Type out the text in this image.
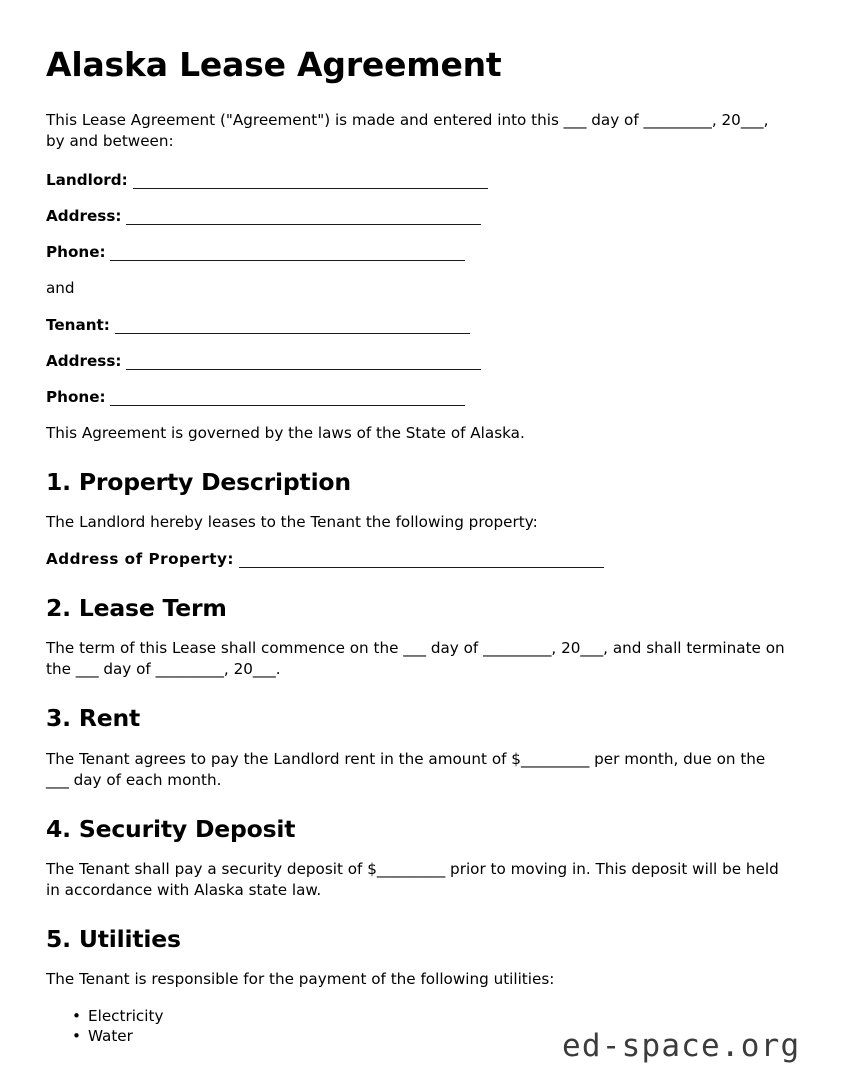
Alaska Lease Agreement

This Lease Agreement ("Agreement") is made and entered into this ___ day of _________, 20___, by and between:

Landlord:
Address:
Phone:

and

Tenant:
Address:
Phone:

This Agreement is governed by the laws of the State of Alaska.

1. Property Description

The Landlord hereby leases to the Tenant the following property:

Address of Property:
2. Lease Term

The term of this Lease shall commence on the ___ day of _________, 20___, and shall terminate on the ___ day of _________, 20___.

3. Rent

The Tenant agrees to pay the Landlord rent in the amount of $_________ per month, due on the ___ day of each month.

4. Security Deposit

The Tenant shall pay a security deposit of $_________ prior to moving in. This deposit will be held in accordance with Alaska state law.

5. Utilities

The Tenant is responsible for the payment of the following utilities:

• Electricity
• Water	ed-space.org
